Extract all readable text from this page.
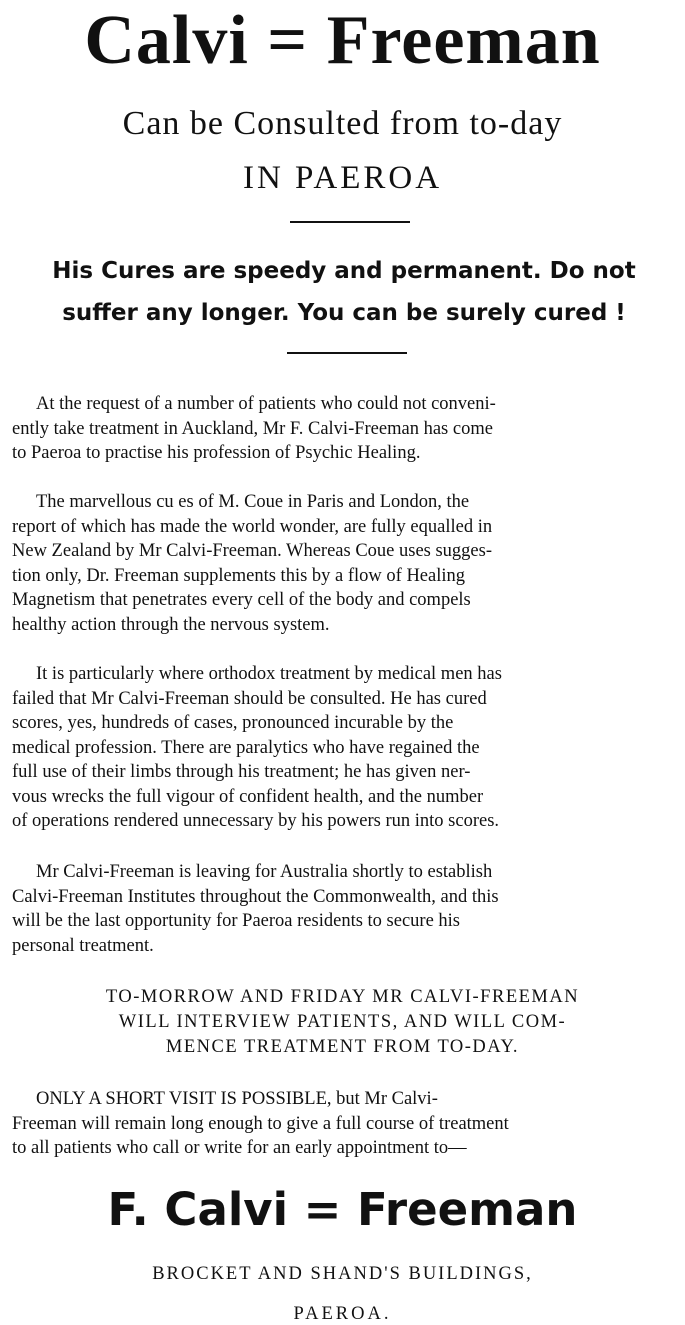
Calvi = Freeman
Can be Consulted from to-day
IN PAEROA
His Cures are speedy and permanent. Do not
suffer any longer. You can be surely cured !
At the request of a number of patients who could not conveni-
ently take treatment in Auckland, Mr F. Calvi-Freeman has come
to Paeroa to practise his profession of Psychic Healing.
The marvellous cu es of M. Coue in Paris and London, the
report of which has made the world wonder, are fully equalled in
New Zealand by Mr Calvi-Freeman. Whereas Coue uses sugges-
tion only, Dr. Freeman supplements this by a flow of Healing
Magnetism that penetrates every cell of the body and compels
healthy action through the nervous system.
It is particularly where orthodox treatment by medical men has
failed that Mr Calvi-Freeman should be consulted. He has cured
scores, yes, hundreds of cases, pronounced incurable by the
medical profession. There are paralytics who have regained the
full use of their limbs through his treatment; he has given ner-
vous wrecks the full vigour of confident health, and the number
of operations rendered unnecessary by his powers run into scores.
Mr Calvi-Freeman is leaving for Australia shortly to establish
Calvi-Freeman Institutes throughout the Commonwealth, and this
will be the last opportunity for Paeroa residents to secure his
personal treatment.
TO-MORROW AND FRIDAY MR CALVI-FREEMAN
WILL INTERVIEW PATIENTS, AND WILL COM-
MENCE TREATMENT FROM TO-DAY.
ONLY A SHORT VISIT IS POSSIBLE, but Mr Calvi-
Freeman will remain long enough to give a full course of treatment
to all patients who call or write for an early appointment to—
F. Calvi = Freeman
BROCKET AND SHAND'S BUILDINGS,
PAEROA.
